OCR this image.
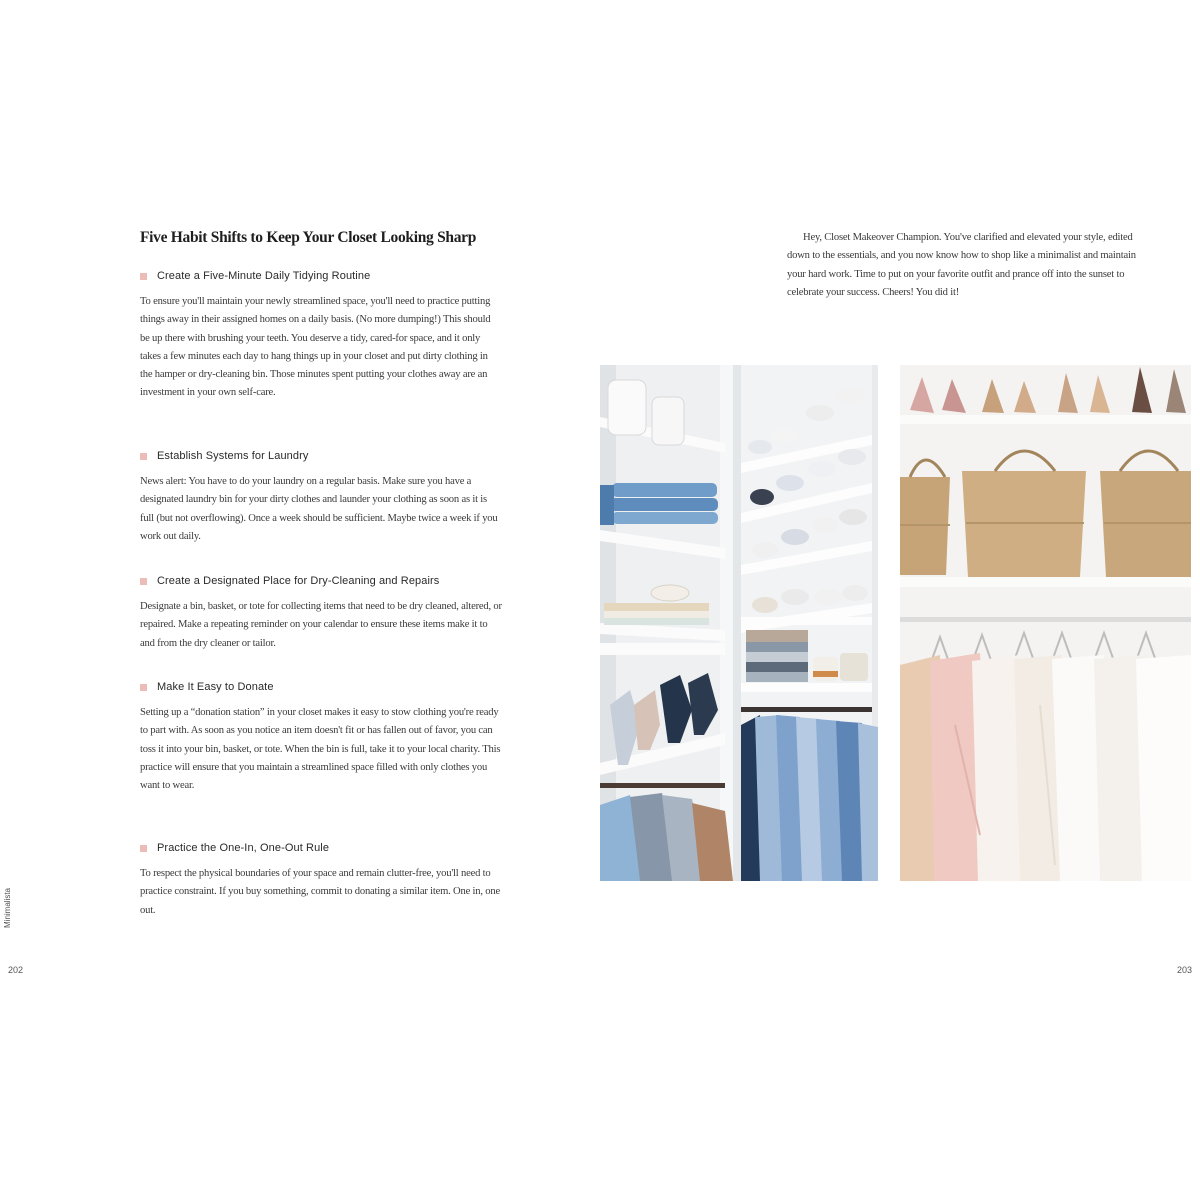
Five Habit Shifts to Keep Your Closet Looking Sharp
Create a Five-Minute Daily Tidying Routine

To ensure you'll maintain your newly streamlined space, you'll need to practice putting things away in their assigned homes on a daily basis. (No more dumping!) This should be up there with brushing your teeth. You deserve a tidy, cared-for space, and it only takes a few minutes each day to hang things up in your closet and put dirty clothing in the hamper or dry-cleaning bin. Those minutes spent putting your clothes away are an investment in your own self-care.

Establish Systems for Laundry

News alert: You have to do your laundry on a regular basis. Make sure you have a designated laundry bin for your dirty clothes and launder your clothing as soon as it is full (but not overflowing). Once a week should be sufficient. Maybe twice a week if you work out daily.

Create a Designated Place for Dry-Cleaning and Repairs

Designate a bin, basket, or tote for collecting items that need to be dry cleaned, altered, or repaired. Make a repeating reminder on your calendar to ensure these items make it to and from the dry cleaner or tailor.

Make It Easy to Donate

Setting up a “donation station” in your closet makes it easy to stow clothing you're ready to part with. As soon as you notice an item doesn't fit or has fallen out of favor, you can toss it into your bin, basket, or tote. When the bin is full, take it to your local charity. This practice will ensure that you maintain a streamlined space filled with only clothes you want to wear.

Practice the One-In, One-Out Rule

To respect the physical boundaries of your space and remain clutter-free, you'll need to practice constraint. If you buy something, commit to donating a similar item. One in, one out.

Minimalista
202

Hey, Closet Makeover Champion. You've clarified and elevated your style, edited down to the essentials, and you now know how to shop like a minimalist and maintain your hard work. Time to put on your favorite outfit and prance off into the sunset to celebrate your success. Cheers! You did it!

203
